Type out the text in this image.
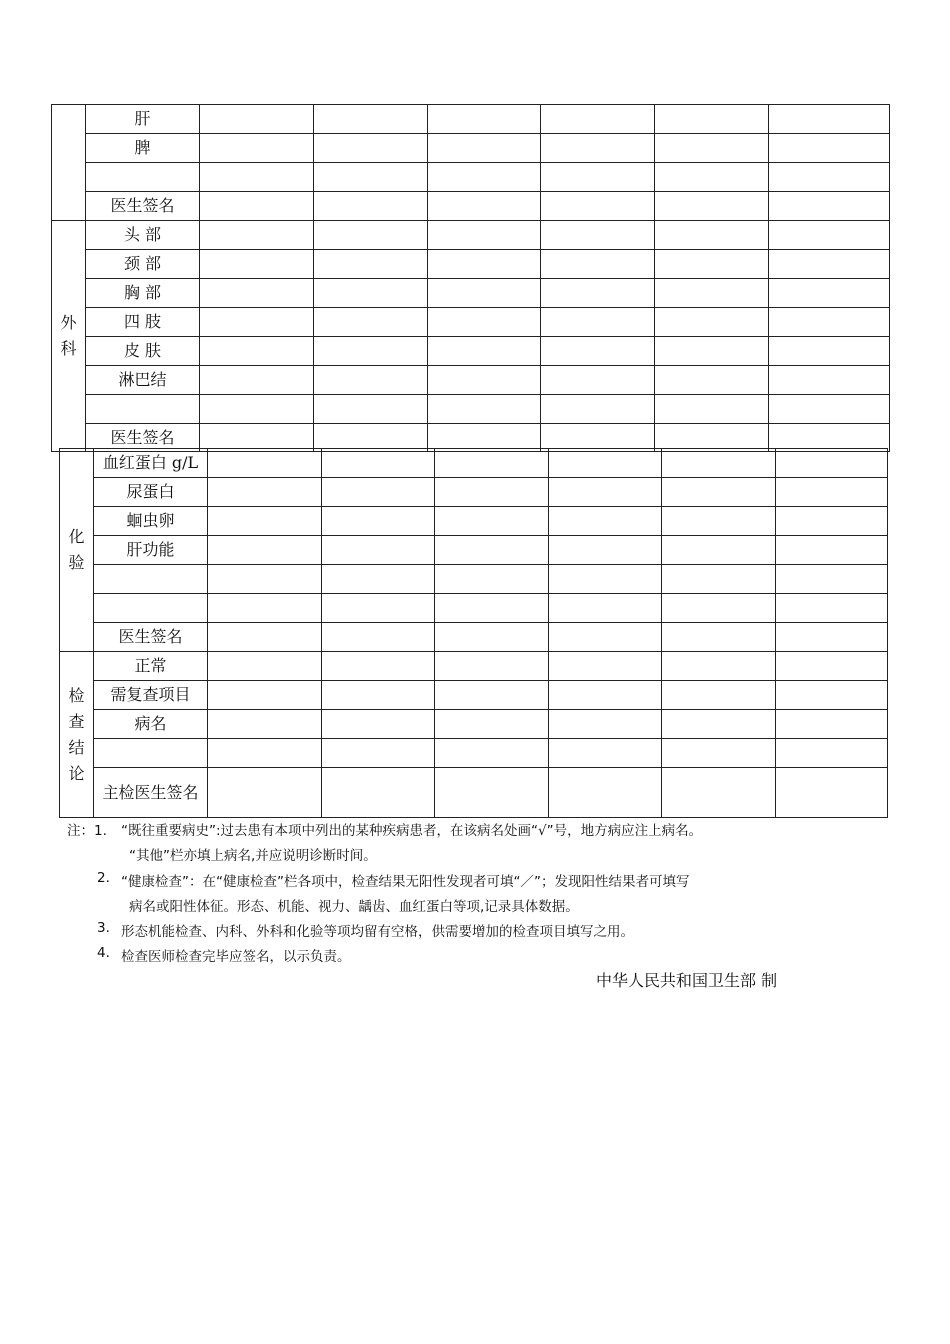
	肝						
	脾						

	医生签名						
外科	头 部						
	颈 部						
	胸 部						
	四 肢						
	皮 肤						
	淋巴结						

	医生签名						
化验	血红蛋白 g/L						
	尿蛋白						
	蛔虫卵						
	肝功能						

	医生签名						
检查结论	正常						
	需复查项目						
	病名						

	主检医生签名						
注：1. “既往重要病史”:过去患有本项中列出的某种疾病患者，在该病名处画“√”号，地方病应注上病名。
“其他”栏亦填上病名,并应说明诊断时间。
2. “健康检查”：在“健康检查”栏各项中，检查结果无阳性发现者可填“／”；发现阳性结果者可填写
病名或阳性体征。形态、机能、视力、龋齿、血红蛋白等项,记录具体数据。
3. 形态机能检查、内科、外科和化验等项均留有空格，供需要增加的检查项目填写之用。
4. 检查医师检查完毕应签名，以示负责。
中华人民共和国卫生部 制
